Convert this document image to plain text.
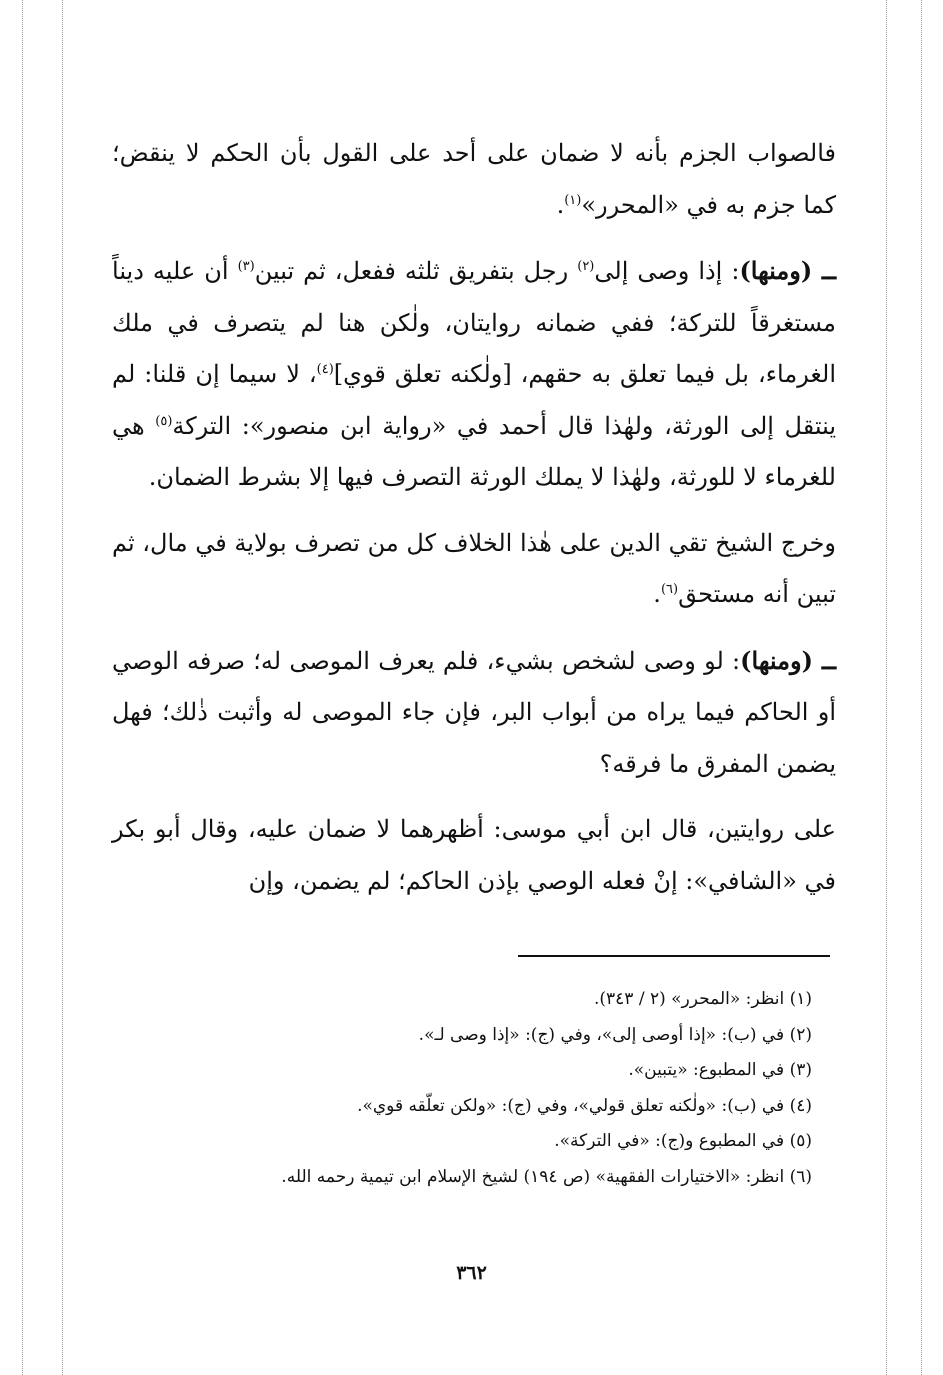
فالصواب الجزم بأنه لا ضمان على أحد على القول بأن الحكم لا ينقض؛ كما جزم به في «المحرر»$^{(١)}$.

ــ (ومنها): إذا وصى إلى$^{(٢)}$ رجل بتفريق ثلثه ففعل، ثم تبين$^{(٣)}$ أن عليه ديناً مستغرقاً للتركة؛ ففي ضمانه روايتان، ولٰكن هنا لم يتصرف في ملك الغرماء، بل فيما تعلق به حقهم، [ولٰكنه تعلق قوي]$^{(٤)}$، لا سيما إن قلنا: لم ينتقل إلى الورثة، ولهٰذا قال أحمد في «رواية ابن منصور»: التركة$^{(٥)}$ هي للغرماء لا للورثة، ولهٰذا لا يملك الورثة التصرف فيها إلا بشرط الضمان.

وخرج الشيخ تقي الدين على هٰذا الخلاف كل من تصرف بولاية في مال، ثم تبين أنه مستحق$^{(٦)}$.

ــ (ومنها): لو وصى لشخص بشيء، فلم يعرف الموصى له؛ صرفه الوصي أو الحاكم فيما يراه من أبواب البر، فإن جاء الموصى له وأثبت ذٰلك؛ فهل يضمن المفرق ما فرقه؟

على روايتين، قال ابن أبي موسى: أظهرهما لا ضمان عليه، وقال أبو بكر في «الشافي»: إنْ فعله الوصي بإذن الحاكم؛ لم يضمن، وإن

(١) انظر: «المحرر» (٢ / ٣٤٣).

(٢) في (ب): «إذا أوصى إلى»، وفي (ج): «إذا وصى لـ».

(٣) في المطبوع: «يتبين».

(٤) في (ب): «ولٰكنه تعلق قولي»، وفي (ج): «ولكن تعلّقه قوي».

(٥) في المطبوع و(ج): «في التركة».

(٦) انظر: «الاختيارات الفقهية» (ص ١٩٤) لشيخ الإسلام ابن تيمية رحمه الله.

٣٦٢
